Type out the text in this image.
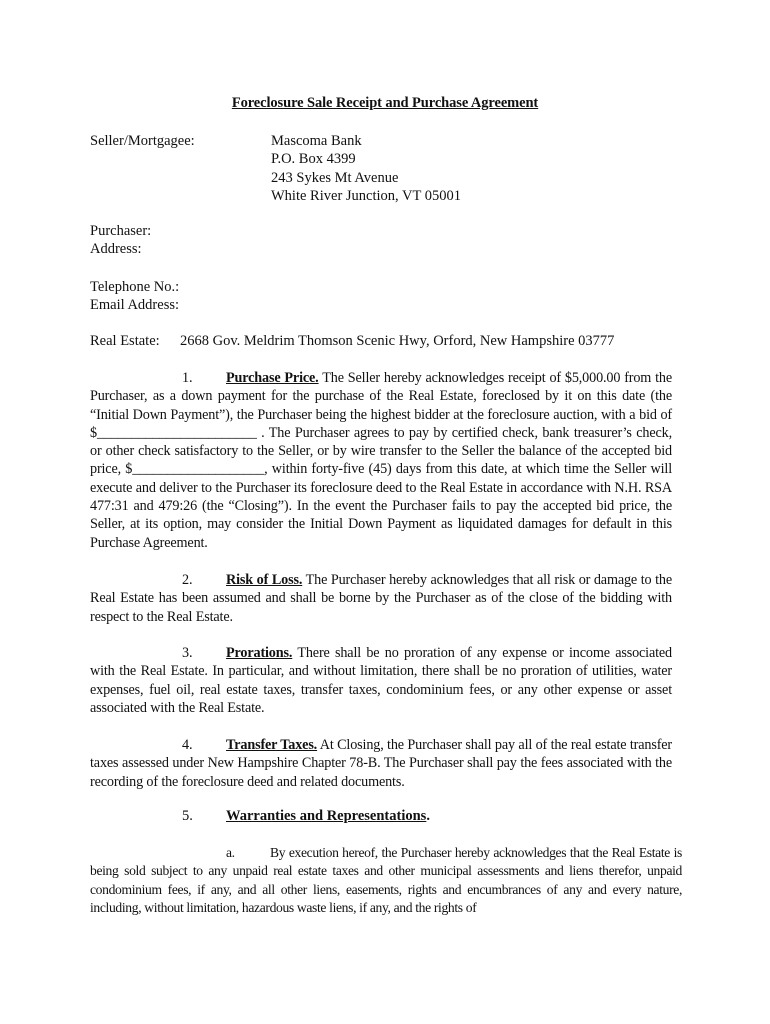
Foreclosure Sale Receipt and Purchase Agreement
Seller/Mortgagee:	Mascoma Bank
P.O. Box 4399
243 Sykes Mt Avenue
White River Junction, VT 05001
Purchaser:
Address:
Telephone No.:
Email Address:
Real Estate: 2668 Gov. Meldrim Thomson Scenic Hwy, Orford, New Hampshire 03777
1. Purchase Price. The Seller hereby acknowledges receipt of $5,000.00 from the Purchaser, as a down payment for the purchase of the Real Estate, foreclosed by it on this date (the “Initial Down Payment”), the Purchaser being the highest bidder at the foreclosure auction, with a bid of $_______________________ . The Purchaser agrees to pay by certified check, bank treasurer’s check, or other check satisfactory to the Seller, or by wire transfer to the Seller the balance of the accepted bid price, $___________________, within forty-five (45) days from this date, at which time the Seller will execute and deliver to the Purchaser its foreclosure deed to the Real Estate in accordance with N.H. RSA 477:31 and 479:26 (the “Closing”). In the event the Purchaser fails to pay the accepted bid price, the Seller, at its option, may consider the Initial Down Payment as liquidated damages for default in this Purchase Agreement.
2. Risk of Loss. The Purchaser hereby acknowledges that all risk or damage to the Real Estate has been assumed and shall be borne by the Purchaser as of the close of the bidding with respect to the Real Estate.
3. Prorations. There shall be no proration of any expense or income associated with the Real Estate. In particular, and without limitation, there shall be no proration of utilities, water expenses, fuel oil, real estate taxes, transfer taxes, condominium fees, or any other expense or asset associated with the Real Estate.
4. Transfer Taxes. At Closing, the Purchaser shall pay all of the real estate transfer taxes assessed under New Hampshire Chapter 78-B. The Purchaser shall pay the fees associated with the recording of the foreclosure deed and related documents.
5. Warranties and Representations.
a.	By execution hereof, the Purchaser hereby acknowledges that the Real Estate is being sold subject to any unpaid real estate taxes and other municipal assessments and liens therefor, unpaid condominium fees, if any, and all other liens, easements, rights and encumbrances of any and every nature, including, without limitation, hazardous waste liens, if any, and the rights of
